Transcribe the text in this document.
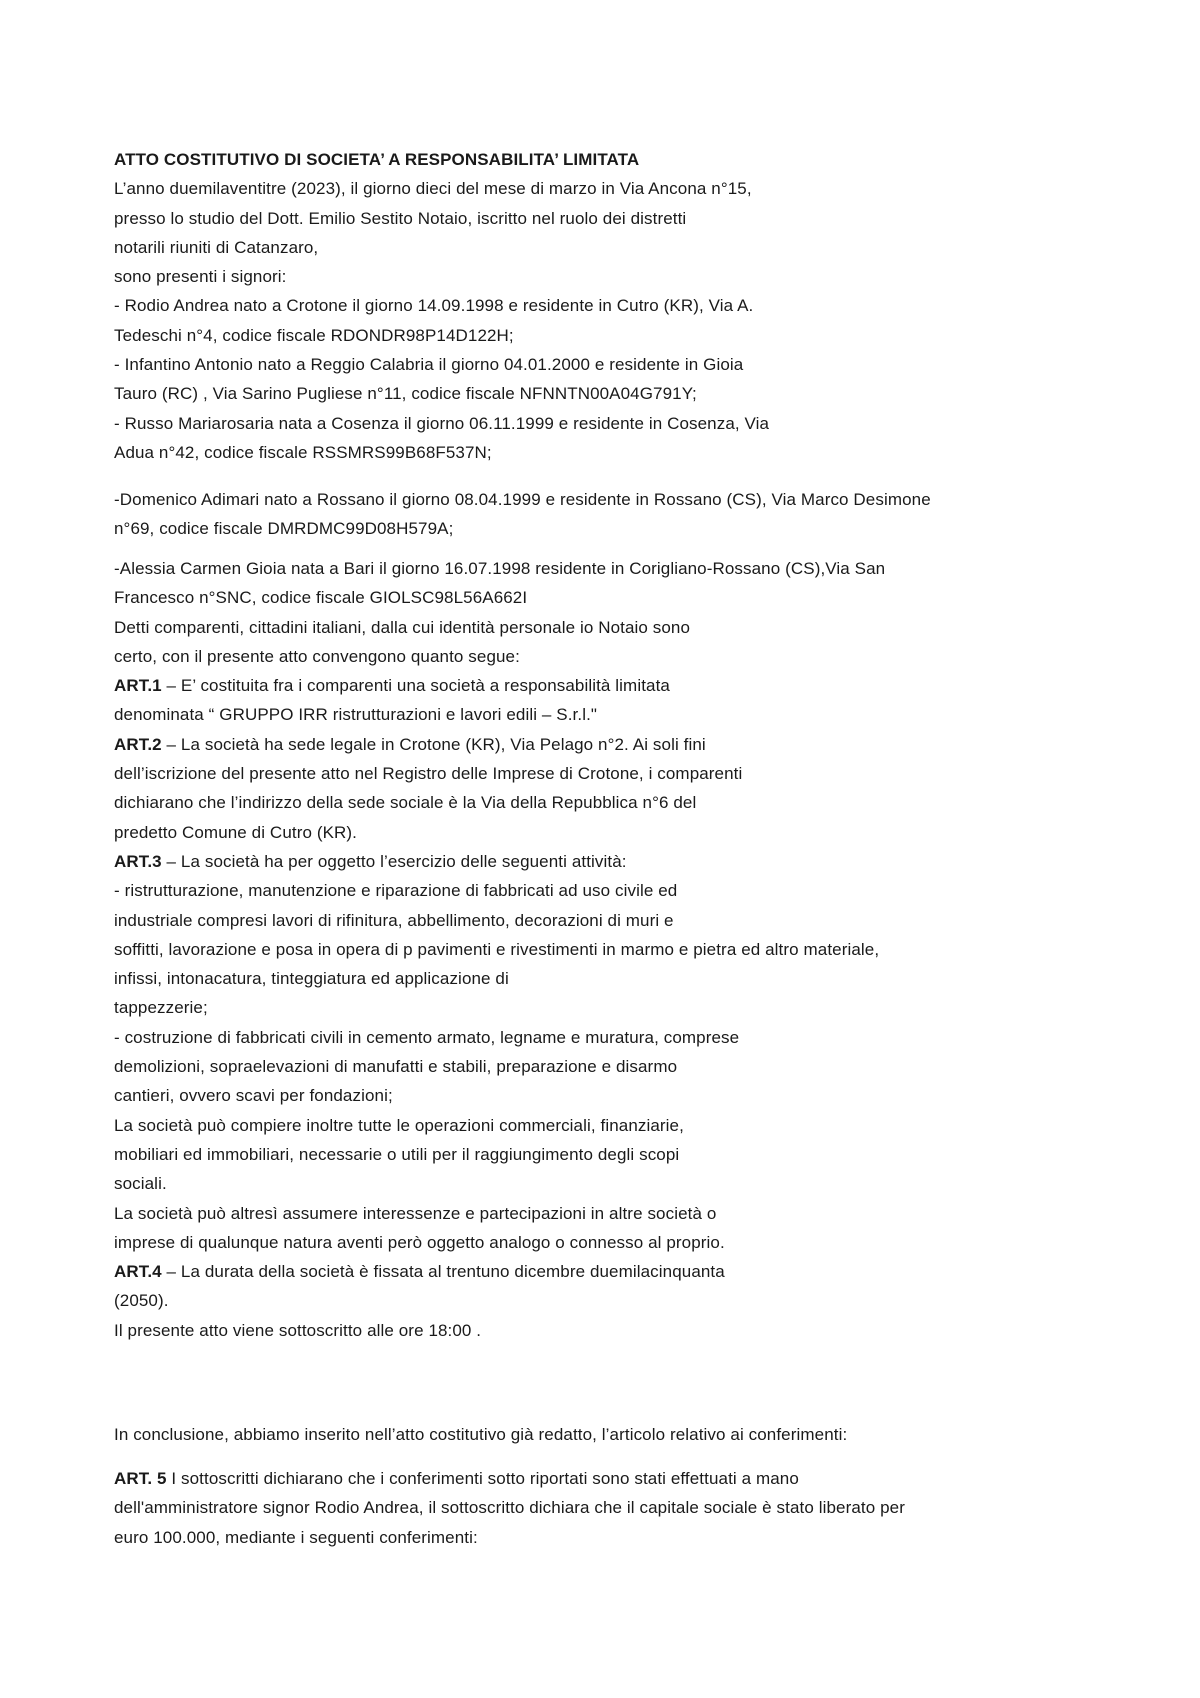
ATTO COSTITUTIVO DI SOCIETA’ A RESPONSABILITA’ LIMITATA
L’anno duemilaventitre (2023), il giorno dieci del mese di marzo in Via Ancona n°15,
presso lo studio del Dott. Emilio Sestito Notaio, iscritto nel ruolo dei distretti
notarili riuniti di Catanzaro,
sono presenti i signori:
- Rodio Andrea nato a Crotone il giorno 14.09.1998 e residente in Cutro (KR), Via A.
Tedeschi n°4, codice fiscale RDONDR98P14D122H;
- Infantino Antonio nato a Reggio Calabria il giorno 04.01.2000 e residente in Gioia
Tauro (RC) , Via Sarino Pugliese n°11, codice fiscale NFNNTN00A04G791Y;
- Russo Mariarosaria nata a Cosenza il giorno 06.11.1999 e residente in Cosenza, Via
Adua n°42, codice fiscale RSSMRS99B68F537N;
-Domenico Adimari nato a Rossano il giorno 08.04.1999 e residente in Rossano (CS), Via Marco Desimone
n°69, codice fiscale DMRDMC99D08H579A;
-Alessia Carmen Gioia nata a Bari il giorno 16.07.1998 residente in Corigliano-Rossano (CS),Via San
Francesco n°SNC, codice fiscale GIOLSC98L56A662I
Detti comparenti, cittadini italiani, dalla cui identità personale io Notaio sono
certo, con il presente atto convengono quanto segue:
ART.1 – E’ costituita fra i comparenti una società a responsabilità limitata
denominata “ GRUPPO IRR ristrutturazioni e lavori edili – S.r.l."
ART.2 – La società ha sede legale in Crotone (KR), Via Pelago n°2. Ai soli fini
dell’iscrizione del presente atto nel Registro delle Imprese di Crotone, i comparenti
dichiarano che l’indirizzo della sede sociale è la Via della Repubblica n°6 del
predetto Comune di Cutro (KR).
ART.3 – La società ha per oggetto l’esercizio delle seguenti attività:
- ristrutturazione, manutenzione e riparazione di fabbricati ad uso civile ed
industriale compresi lavori di rifinitura, abbellimento, decorazioni di muri e
soffitti, lavorazione e posa in opera di p pavimenti e rivestimenti in marmo e pietra ed altro materiale,
infissi, intonacatura, tinteggiatura ed applicazione di
tappezzerie;
- costruzione di fabbricati civili in cemento armato, legname e muratura, comprese
demolizioni, sopraelevazioni di manufatti e stabili, preparazione e disarmo
cantieri, ovvero scavi per fondazioni;
La società può compiere inoltre tutte le operazioni commerciali, finanziarie,
mobiliari ed immobiliari, necessarie o utili per il raggiungimento degli scopi
sociali.
La società può altresì assumere interessenze e partecipazioni in altre società o
imprese di qualunque natura aventi però oggetto analogo o connesso al proprio.
ART.4 – La durata della società è fissata al trentuno dicembre duemilacinquanta
(2050).
Il presente atto viene sottoscritto alle ore 18:00 .
In conclusione, abbiamo inserito nell’atto costitutivo già redatto, l’articolo relativo ai conferimenti:
ART. 5 I sottoscritti dichiarano che i conferimenti sotto riportati sono stati effettuati a mano
dell'amministratore signor Rodio Andrea, il sottoscritto dichiara che il capitale sociale è stato liberato per
euro 100.000, mediante i seguenti conferimenti:
